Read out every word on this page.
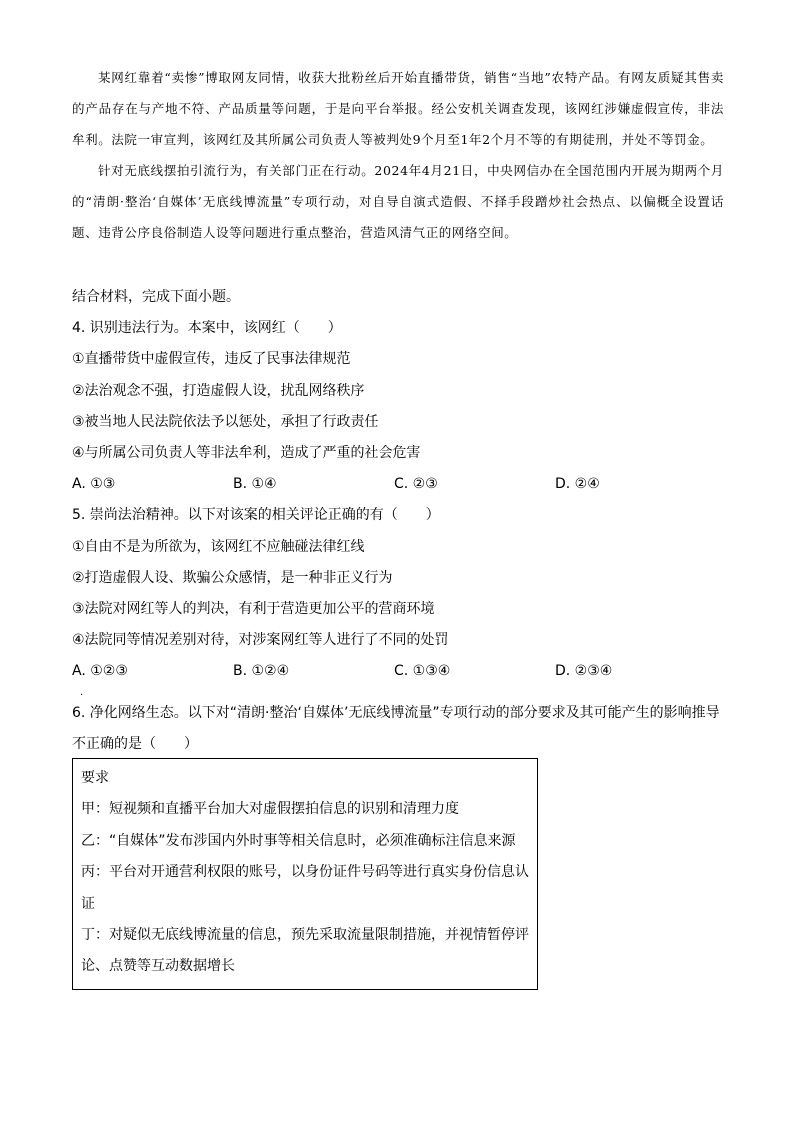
某网红靠着“卖惨”博取网友同情，收获大批粉丝后开始直播带货，销售“当地”农特产品。有网友质疑其售卖的产品存在与产地不符、产品质量等问题，于是向平台举报。经公安机关调查发现，该网红涉嫌虚假宣传，非法牟利。法院一审宣判，该网红及其所属公司负责人等被判处9个月至1年2个月不等的有期徒刑，并处不等罚金。

针对无底线摆拍引流行为，有关部门正在行动。2024年4月21日，中央网信办在全国范围内开展为期两个月的“清朗·整治‘自媒体’无底线博流量”专项行动，对自导自演式造假、不择手段蹭炒社会热点、以偏概全设置话题、违背公序良俗制造人设等问题进行重点整治，营造风清气正的网络空间。

结合材料，完成下面小题。
4. 识别违法行为。本案中，该网红（　　）
①直播带货中虚假宣传，违反了民事法律规范
②法治观念不强，打造虚假人设，扰乱网络秩序
③被当地人民法院依法予以惩处，承担了行政责任
④与所属公司负责人等非法牟利，造成了严重的社会危害
A. ①③	B. ①④	C. ②③	D. ②④
5. 崇尚法治精神。以下对该案的相关评论正确的有（　　）
①自由不是为所欲为，该网红不应触碰法律红线
②打造虚假人设、欺骗公众感情，是一种非正义行为
③法院对网红等人的判决，有利于营造更加公平的营商环境
④法院同等情况差别对待，对涉案网红等人进行了不同的处罚
A. ①②③	B. ①②④	C. ①③④	D. ②③④
.
6. 净化网络生态。以下对“清朗·整治‘自媒体’无底线博流量”专项行动的部分要求及其可能产生的影响推导不正确的是（　　）
要求
甲：短视频和直播平台加大对虚假摆拍信息的识别和清理力度
乙：“自媒体”发布涉国内外时事等相关信息时，必须准确标注信息来源
丙：平台对开通营利权限的账号，以身份证件号码等进行真实身份信息认证
丁：对疑似无底线博流量的信息，预先采取流量限制措施，并视情暂停评论、点赞等互动数据增长
